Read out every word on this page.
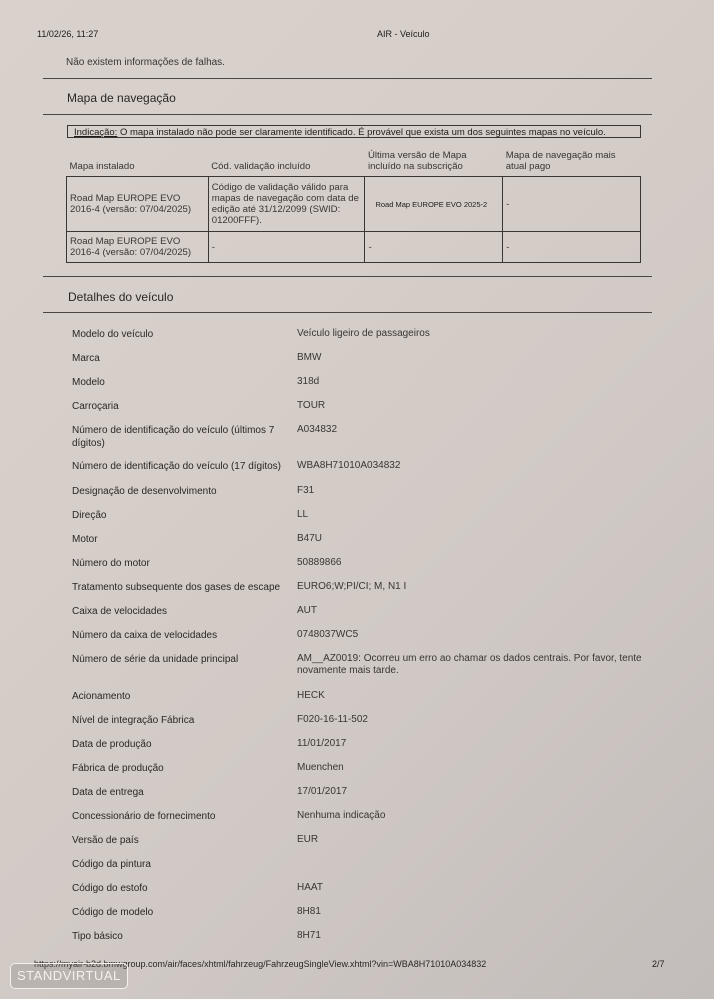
11/02/26, 11:27	AIR - Veículo
Não existem informações de falhas.
Mapa de navegação
Indicação: O mapa instalado não pode ser claramente identificado. É provável que exista um dos seguintes mapas no veículo.
Mapa instalado	Cód. validação incluído	Última versão de Mapa incluído na subscrição	Mapa de navegação mais atual pago
Road Map EUROPE EVO 2016-4 (versão: 07/04/2025)	Código de validação válido para mapas de navegação com data de edição até 31/12/2099 (SWID: 01200FFF).	Road Map EUROPE EVO 2025-2	-
Road Map EUROPE EVO 2016-4 (versão: 07/04/2025)	-	-	-
Detalhes do veículo
Modelo do veículo	Veículo ligeiro de passageiros
Marca	BMW
Modelo	318d
Carroçaria	TOUR
Número de identificação do veículo (últimos 7 dígitos)
A034832
Número de identificação do veículo (17 dígitos)	WBA8H71010A034832
Designação de desenvolvimento	F31
Direção	LL
Motor	B47U
Número do motor	50889866
Tratamento subsequente dos gases de escape	EURO6;W;PI/CI; M, N1 I
Caixa de velocidades	AUT
Número da caixa de velocidades	0748037WC5
Número de série da unidade principal	AM__AZ0019: Ocorreu um erro ao chamar os dados centrais. Por favor, tente novamente mais tarde.
Acionamento	HECK
Nível de integração Fábrica	F020-16-11-502
Data de produção	11/01/2017
Fábrica de produção	Muenchen
Data de entrega	17/01/2017
Concessionário de fornecimento	Nenhuma indicação
Versão de país	EUR
Código da pintura
Código do estofo	HAAT
Código de modelo	8H81
Tipo básico	8H71
https://myair-b2d.bmwgroup.com/air/faces/xhtml/fahrzeug/FahrzeugSingleView.xhtml?vin=WBA8H71010A034832	2/7
STANDVIRTUAL
